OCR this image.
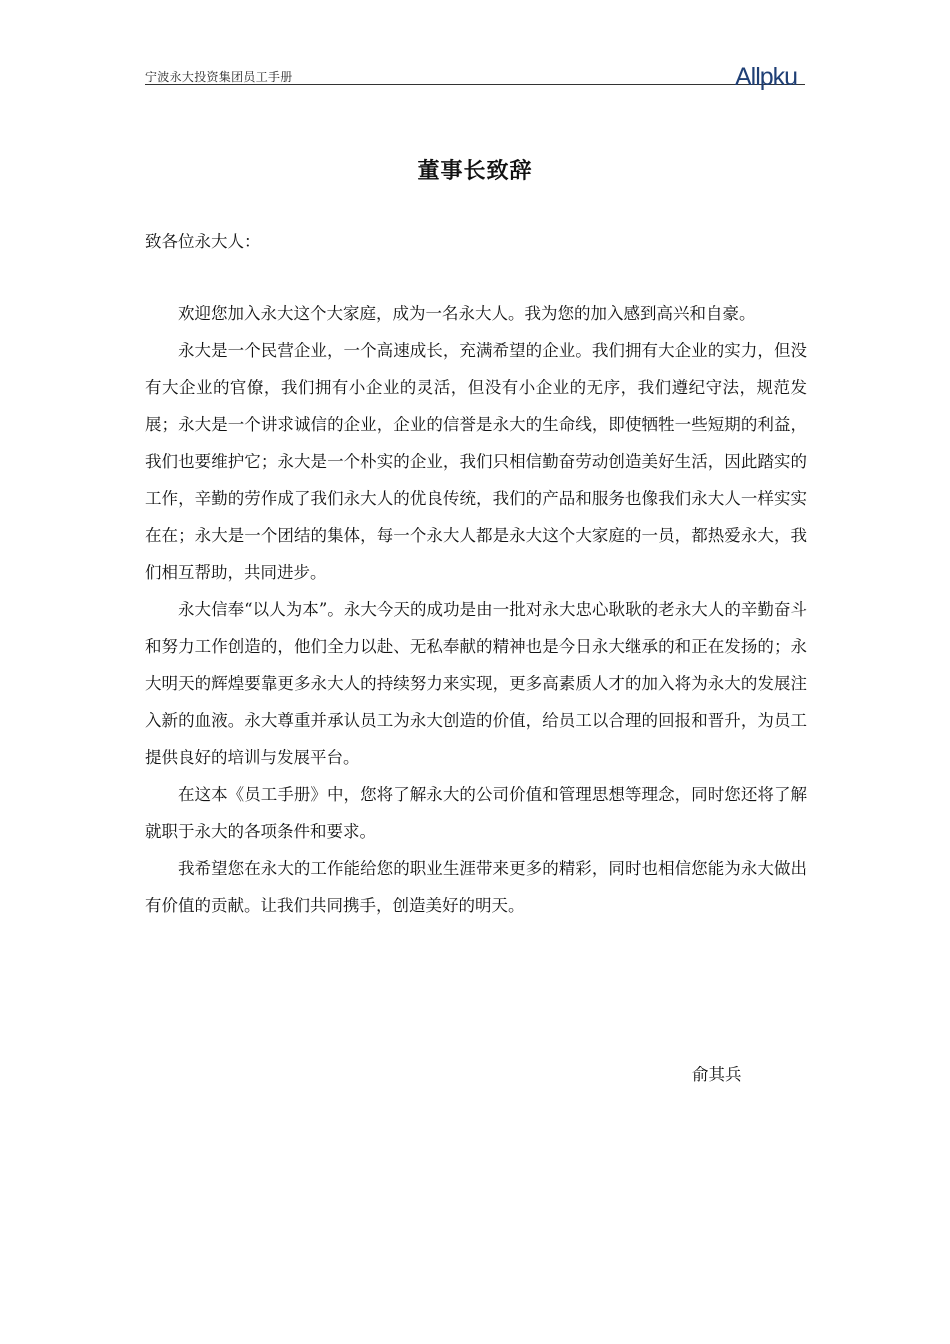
宁波永大投资集团员工手册	Allpku
董事长致辞
致各位永大人：

欢迎您加入永大这个大家庭，成为一名永大人。我为您的加入感到高兴和自豪。

永大是一个民营企业，一个高速成长，充满希望的企业。我们拥有大企业的实力，但没有大企业的官僚，我们拥有小企业的灵活，但没有小企业的无序，我们遵纪守法，规范发展；永大是一个讲求诚信的企业，企业的信誉是永大的生命线，即使牺牲一些短期的利益，我们也要维护它；永大是一个朴实的企业，我们只相信勤奋劳动创造美好生活，因此踏实的工作，辛勤的劳作成了我们永大人的优良传统，我们的产品和服务也像我们永大人一样实实在在；永大是一个团结的集体，每一个永大人都是永大这个大家庭的一员，都热爱永大，我们相互帮助，共同进步。

永大信奉“以人为本”。永大今天的成功是由一批对永大忠心耿耿的老永大人的辛勤奋斗和努力工作创造的，他们全力以赴、无私奉献的精神也是今日永大继承的和正在发扬的；永大明天的辉煌要靠更多永大人的持续努力来实现，更多高素质人才的加入将为永大的发展注入新的血液。永大尊重并承认员工为永大创造的价值，给员工以合理的回报和晋升，为员工提供良好的培训与发展平台。

在这本《员工手册》中，您将了解永大的公司价值和管理思想等理念，同时您还将了解就职于永大的各项条件和要求。

我希望您在永大的工作能给您的职业生涯带来更多的精彩，同时也相信您能为永大做出有价值的贡献。让我们共同携手，创造美好的明天。

俞其兵
